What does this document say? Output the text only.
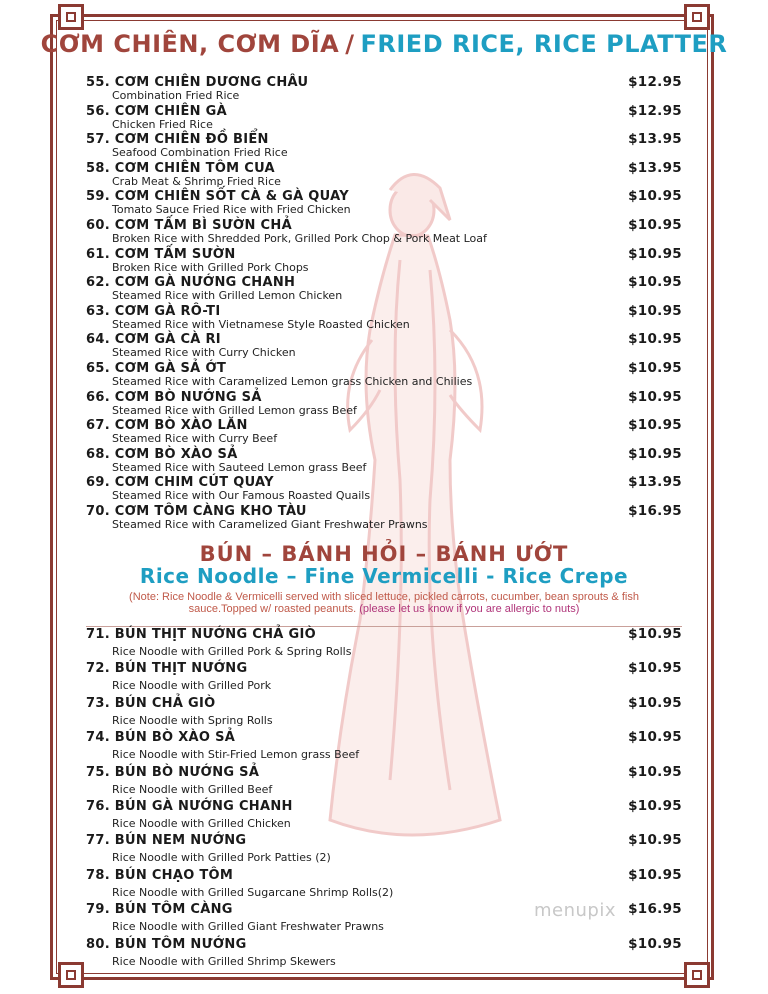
CƠM CHIÊN, CƠM DĨA / FRIED RICE, RICE PLATTER
55. CƠM CHIÊN DƯƠNG CHÂU	$12.95
Combination Fried Rice
56. CƠM CHIÊN GÀ	$12.95
Chicken Fried Rice
57. CƠM CHIÊN ĐỒ BIỂN	$13.95
Seafood Combination Fried Rice
58. CƠM CHIÊN TÔM CUA	$13.95
Crab Meat & Shrimp Fried Rice
59. CƠM CHIÊN SỐT CÀ & GÀ QUAY	$10.95
Tomato Sauce Fried Rice with Fried Chicken
60. CƠM TẤM BÌ SƯỜN CHẢ	$10.95
Broken Rice with Shredded Pork, Grilled Pork Chop & Pork Meat Loaf
61. CƠM TẤM SƯỜN	$10.95
Broken Rice with Grilled Pork Chops
62. CƠM GÀ NƯỚNG CHANH	$10.95
Steamed Rice with Grilled Lemon Chicken
63. CƠM GÀ RÔ-TI	$10.95
Steamed Rice with Vietnamese Style Roasted Chicken
64. CƠM GÀ CÀ RI	$10.95
Steamed Rice with Curry Chicken
65. CƠM GÀ SẢ ỚT	$10.95
Steamed Rice with Caramelized Lemon grass Chicken and Chilies
66. CƠM BÒ NƯỚNG SẢ	$10.95
Steamed Rice with Grilled Lemon grass Beef
67. CƠM BÒ XÀO LĂN	$10.95
Steamed Rice with Curry Beef
68. CƠM BÒ XÀO SẢ	$10.95
Steamed Rice with Sauteed Lemon grass Beef
69. CƠM CHIM CÚT QUAY	$13.95
Steamed Rice with Our Famous Roasted Quails
70. CƠM TÔM CÀNG KHO TÀU	$16.95
Steamed Rice with Caramelized Giant Freshwater Prawns
BÚN – BÁNH HỎI – BÁNH ƯỚT
Rice Noodle – Fine Vermicelli - Rice Crepe
(Note: Rice Noodle & Vermicelli served with sliced lettuce, pickled carrots, cucumber, bean sprouts & fish sauce.Topped w/ roasted peanuts. (please let us know if you are allergic to nuts)
71. BÚN THỊT NƯỚNG CHẢ GIÒ	$10.95
Rice Noodle with Grilled Pork & Spring Rolls
72. BÚN THỊT NƯỚNG	$10.95
Rice Noodle with Grilled Pork
73. BÚN CHẢ GIÒ	$10.95
Rice Noodle with Spring Rolls
74. BÚN BÒ XÀO SẢ	$10.95
Rice Noodle with Stir-Fried Lemon grass Beef
75. BÚN BÒ NƯỚNG SẢ	$10.95
Rice Noodle with Grilled Beef
76. BÚN GÀ NƯỚNG CHANH	$10.95
Rice Noodle with Grilled Chicken
77. BÚN NEM NƯỚNG	$10.95
Rice Noodle with Grilled Pork Patties (2)
78. BÚN CHẠO TÔM	$10.95
Rice Noodle with Grilled Sugarcane Shrimp Rolls(2)
79. BÚN TÔM CÀNG	$16.95
Rice Noodle with Grilled Giant Freshwater Prawns
80. BÚN TÔM NƯỚNG	$10.95
Rice Noodle with Grilled Shrimp Skewers
menupix
